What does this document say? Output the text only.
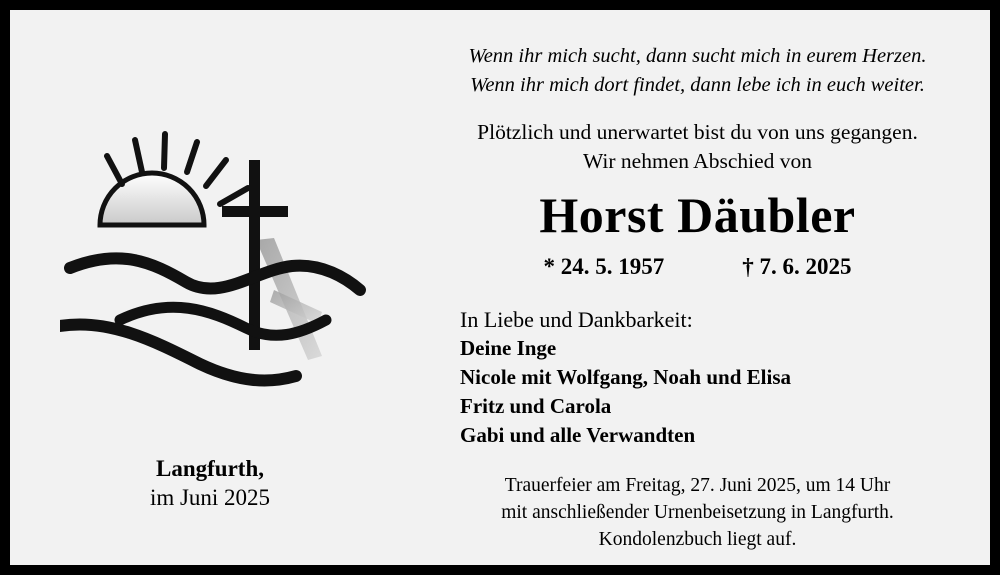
Langfurth,
im Juni 2025
Wenn ihr mich sucht, dann sucht mich in eurem Herzen.
Wenn ihr mich dort findet, dann lebe ich in euch weiter.
Plötzlich und unerwartet bist du von uns gegangen.
Wir nehmen Abschied von
Horst Däubler
* 24. 5. 1957	† 7. 6. 2025
In Liebe und Dankbarkeit:
Deine Inge
Nicole mit Wolfgang, Noah und Elisa
Fritz und Carola
Gabi und alle Verwandten
Trauerfeier am Freitag, 27. Juni 2025, um 14 Uhr
mit anschließender Urnenbeisetzung in Langfurth.
Kondolenzbuch liegt auf.
